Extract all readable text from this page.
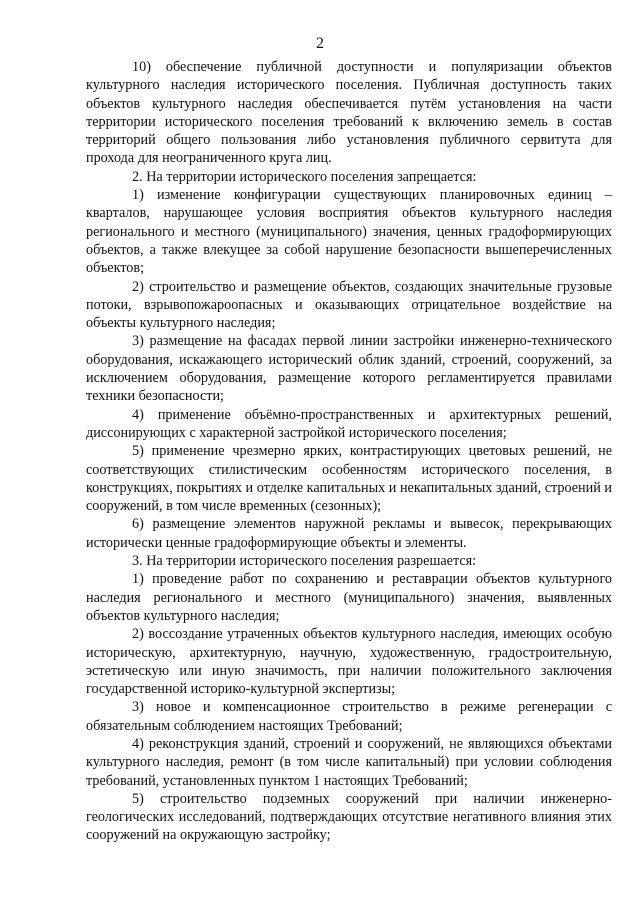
2

10) обеспечение публичной доступности и популяризации объектов культурного наследия исторического поселения. Публичная доступность таких объектов культурного наследия обеспечивается путём установления на части территории исторического поселения требований к включению земель в состав территорий общего пользования либо установления публичного сервитута для прохода для неограниченного круга лиц.

2. На территории исторического поселения запрещается:

1) изменение конфигурации существующих планировочных единиц – кварталов, нарушающее условия восприятия объектов культурного наследия регионального и местного (муниципального) значения, ценных градоформирующих объектов, а также влекущее за собой нарушение безопасности вышеперечисленных объектов;

2) строительство и размещение объектов, создающих значительные грузовые потоки, взрывопожароопасных и оказывающих отрицательное воздействие на объекты культурного наследия;

3) размещение на фасадах первой линии застройки инженерно-технического оборудования, искажающего исторический облик зданий, строений, сооружений, за исключением оборудования, размещение которого регламентируется правилами техники безопасности;

4) применение объёмно-пространственных и архитектурных решений, диссонирующих с характерной застройкой исторического поселения;

5) применение чрезмерно ярких, контрастирующих цветовых решений, не соответствующих стилистическим особенностям исторического поселения, в конструкциях, покрытиях и отделке капитальных и некапитальных зданий, строений и сооружений, в том числе временных (сезонных);

6) размещение элементов наружной рекламы и вывесок, перекрывающих исторически ценные градоформирующие объекты и элементы.

3. На территории исторического поселения разрешается:

1) проведение работ по сохранению и реставрации объектов культурного наследия регионального и местного (муниципального) значения, выявленных объектов культурного наследия;

2) воссоздание утраченных объектов культурного наследия, имеющих особую историческую, архитектурную, научную, художественную, градостроительную, эстетическую или иную значимость, при наличии положительного заключения государственной историко-культурной экспертизы;

3) новое и компенсационное строительство в режиме регенерации с обязательным соблюдением настоящих Требований;

4) реконструкция зданий, строений и сооружений, не являющихся объектами культурного наследия, ремонт (в том числе капитальный) при условии соблюдения требований, установленных пунктом 1 настоящих Требований;

5) строительство подземных сооружений при наличии инженерно-геологических исследований, подтверждающих отсутствие негативного влияния этих сооружений на окружающую застройку;
